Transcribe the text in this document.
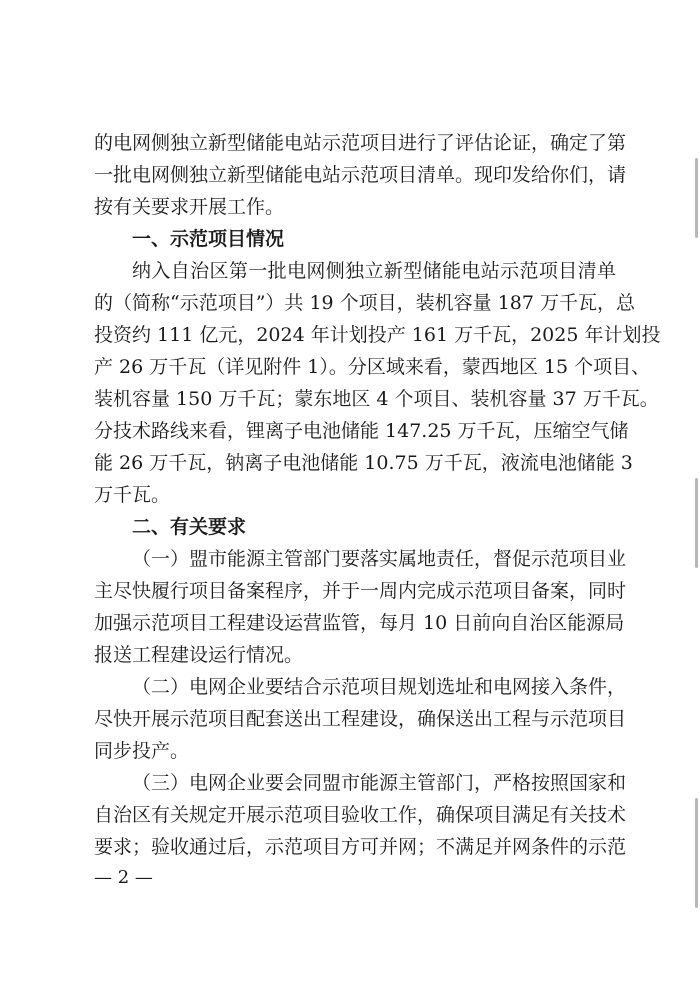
的电网侧独立新型储能电站示范项目进行了评估论证，确定了第
一批电网侧独立新型储能电站示范项目清单。现印发给你们，请
按有关要求开展工作。
一、示范项目情况
纳入自治区第一批电网侧独立新型储能电站示范项目清单
的（简称“示范项目”）共 19 个项目，装机容量 187 万千瓦，总
投资约 111 亿元，2024 年计划投产 161 万千瓦，2025 年计划投
产 26 万千瓦（详见附件 1）。分区域来看，蒙西地区 15 个项目、
装机容量 150 万千瓦；蒙东地区 4 个项目、装机容量 37 万千瓦。
分技术路线来看，锂离子电池储能 147.25 万千瓦，压缩空气储
能 26 万千瓦，钠离子电池储能 10.75 万千瓦，液流电池储能 3
万千瓦。
二、有关要求
（一）盟市能源主管部门要落实属地责任，督促示范项目业
主尽快履行项目备案程序，并于一周内完成示范项目备案，同时
加强示范项目工程建设运营监管，每月 10 日前向自治区能源局
报送工程建设运行情况。
（二）电网企业要结合示范项目规划选址和电网接入条件，
尽快开展示范项目配套送出工程建设，确保送出工程与示范项目
同步投产。
（三）电网企业要会同盟市能源主管部门，严格按照国家和
自治区有关规定开展示范项目验收工作，确保项目满足有关技术
要求；验收通过后，示范项目方可并网；不满足并网条件的示范
— 2 —
